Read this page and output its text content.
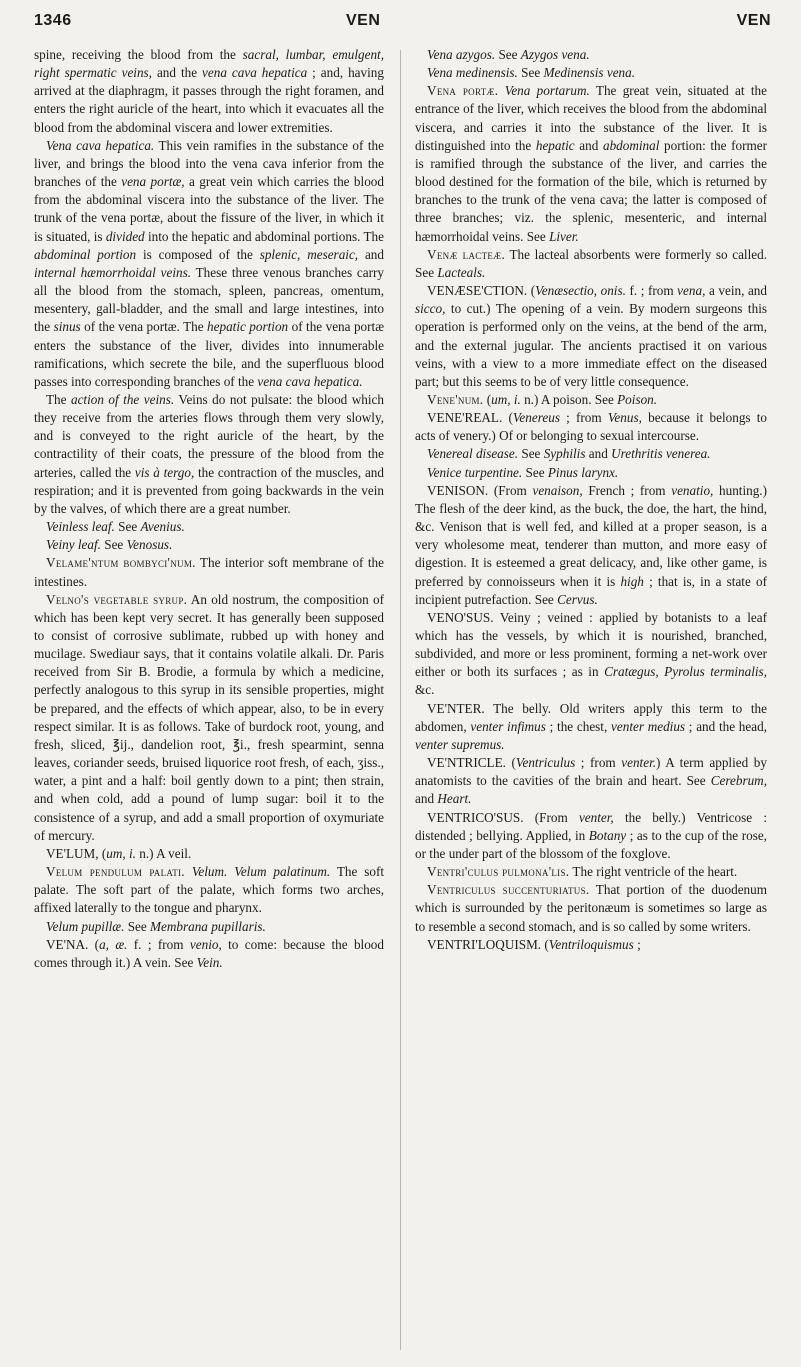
1346	VEN	VEN

spine, receiving the blood from the sacral, lumbar, emulgent, right spermatic veins, and the vena cava hepatica ; and, having arrived at the diaphragm, it passes through the right foramen, and enters the right auricle of the heart, into which it evacuates all the blood from the abdominal viscera and lower extremities.

Vena cava hepatica. This vein ramifies in the substance of the liver, and brings the blood into the vena cava inferior from the branches of the vena portæ, a great vein which carries the blood from the abdominal viscera into the substance of the liver. The trunk of the vena portæ, about the fissure of the liver, in which it is situated, is divided into the hepatic and abdominal portions. The abdominal portion is composed of the splenic, meseraic, and internal hæmorrhoidal veins. These three venous branches carry all the blood from the stomach, spleen, pancreas, omentum, mesentery, gall-bladder, and the small and large intestines, into the sinus of the vena portæ. The hepatic portion of the vena portæ enters the substance of the liver, divides into innumerable ramifications, which secrete the bile, and the superfluous blood passes into corresponding branches of the vena cava hepatica.

The action of the veins. Veins do not pulsate: the blood which they receive from the arteries flows through them very slowly, and is conveyed to the right auricle of the heart, by the contractility of their coats, the pressure of the blood from the arteries, called the vis à tergo, the contraction of the muscles, and respiration; and it is prevented from going backwards in the vein by the valves, of which there are a great number.

Veinless leaf. See Avenius.

Veiny leaf. See Venosus.

Velame'ntum bombyci'num. The interior soft membrane of the intestines.

Velno's vegetable syrup. An old nostrum, the composition of which has been kept very secret. It has generally been supposed to consist of corrosive sublimate, rubbed up with honey and mucilage. Swediaur says, that it contains volatile alkali. Dr. Paris received from Sir B. Brodie, a formula by which a medicine, perfectly analogous to this syrup in its sensible properties, might be prepared, and the effects of which appear, also, to be in every respect similar. It is as follows. Take of burdock root, young, and fresh, sliced, ℥ij., dandelion root, ℥i., fresh spearmint, senna leaves, coriander seeds, bruised liquorice root fresh, of each, ʒiss., water, a pint and a half: boil gently down to a pint; then strain, and when cold, add a pound of lump sugar: boil it to the consistence of a syrup, and add a small proportion of oxymuriate of mercury.

VE'LUM, (um, i. n.) A veil.

Velum pendulum palati. Velum. Velum palatinum. The soft palate. The soft part of the palate, which forms two arches, affixed laterally to the tongue and pharynx.

Velum pupillæ. See Membrana pupillaris.

VE'NA. (a, æ. f. ; from venio, to come: because the blood comes through it.) A vein. See Vein.

Vena azygos. See Azygos vena.

Vena medinensis. See Medinensis vena.

Vena portæ. Vena portarum. The great vein, situated at the entrance of the liver, which receives the blood from the abdominal viscera, and carries it into the substance of the liver. It is distinguished into the hepatic and abdominal portion: the former is ramified through the substance of the liver, and carries the blood destined for the formation of the bile, which is returned by branches to the trunk of the vena cava; the latter is composed of three branches; viz. the splenic, mesenteric, and internal hæmorrhoidal veins. See Liver.

Venæ lacteæ. The lacteal absorbents were formerly so called. See Lacteals.

VENÆSE'CTION. (Venæsectio, onis. f. ; from vena, a vein, and sicco, to cut.) The opening of a vein. By modern surgeons this operation is performed only on the veins, at the bend of the arm, and the external jugular. The ancients practised it on various veins, with a view to a more immediate effect on the diseased part; but this seems to be of very little consequence.

Vene'num. (um, i. n.) A poison. See Poison.

VENE'REAL. (Venereus ; from Venus, because it belongs to acts of venery.) Of or belonging to sexual intercourse.

Venereal disease. See Syphilis and Urethritis venerea.

Venice turpentine. See Pinus larynx.

VENISON. (From venaison, French ; from venatio, hunting.) The flesh of the deer kind, as the buck, the doe, the hart, the hind, &c. Venison that is well fed, and killed at a proper season, is a very wholesome meat, tenderer than mutton, and more easy of digestion. It is esteemed a great delicacy, and, like other game, is preferred by connoisseurs when it is high ; that is, in a state of incipient putrefaction. See Cervus.

VENO'SUS. Veiny ; veined : applied by botanists to a leaf which has the vessels, by which it is nourished, branched, subdivided, and more or less prominent, forming a net-work over either or both its surfaces ; as in Cratægus, Pyrolus terminalis, &c.

VE'NTER. The belly. Old writers apply this term to the abdomen, venter infimus ; the chest, venter medius ; and the head, venter supremus.

VE'NTRICLE. (Ventriculus ; from venter.) A term applied by anatomists to the cavities of the brain and heart. See Cerebrum, and Heart.

VENTRICO'SUS. (From venter, the belly.) Ventricose : distended ; bellying. Applied, in Botany ; as to the cup of the rose, or the under part of the blossom of the foxglove.

Ventri'culus pulmona'lis. The right ventricle of the heart.

Ventriculus succenturiatus. That portion of the duodenum which is surrounded by the peritonæum is sometimes so large as to resemble a second stomach, and is so called by some writers.

VENTRI'LOQUISM. (Ventriloquismus ;
